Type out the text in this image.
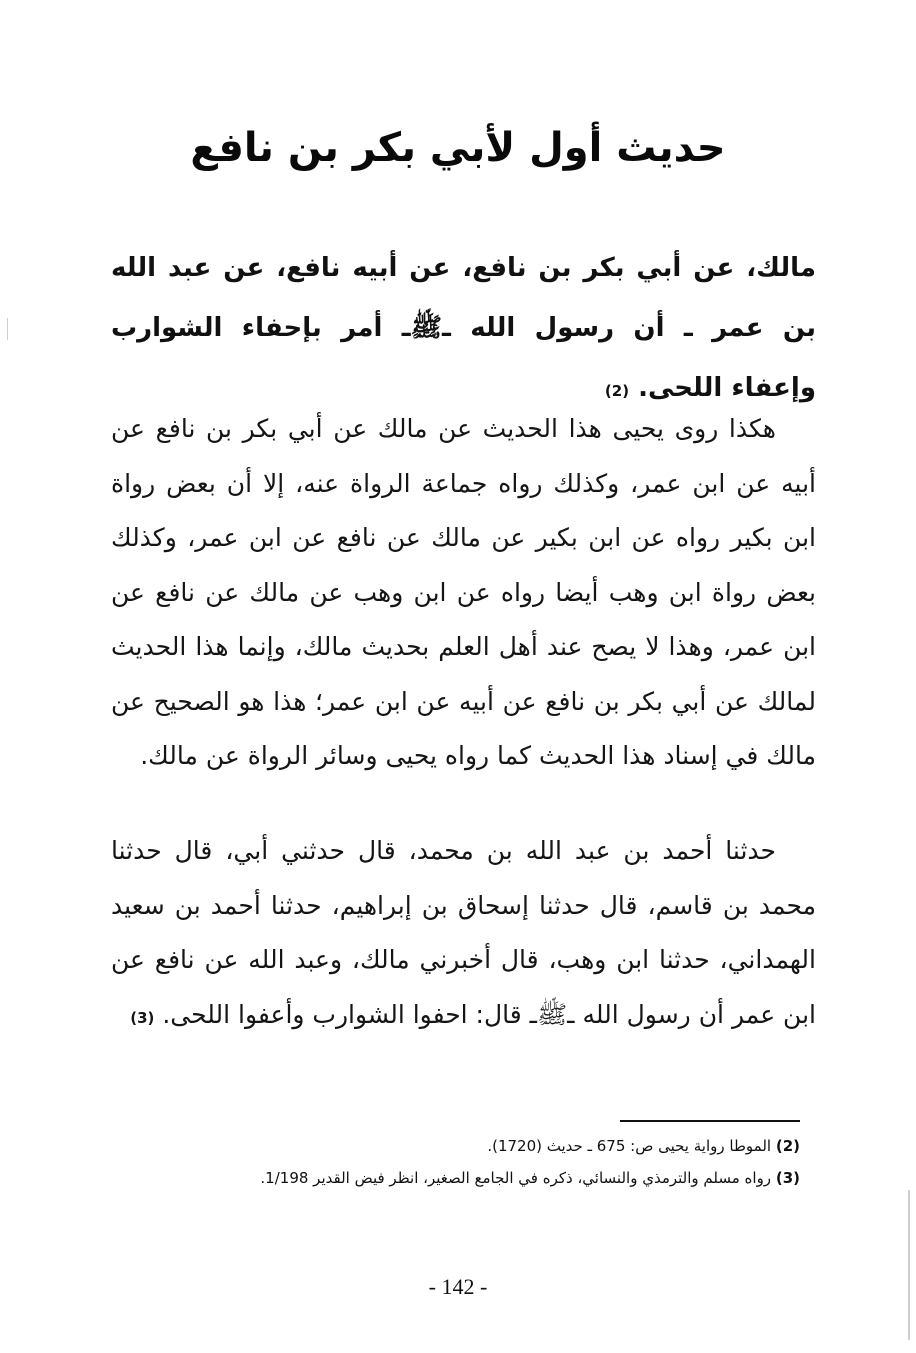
حديث أول لأبي بكر بن نافع

مالك، عن أبي بكر بن نافع، عن أبيه نافع، عن عبد الله بن عمر ـ أن رسول الله ـﷺـ أمر بإحفاء الشوارب وإعفاء اللحى. (2)

هكذا روى يحيى هذا الحديث عن مالك عن أبي بكر بن نافع عن أبيه عن ابن عمر، وكذلك رواه جماعة الرواة عنه، إلا أن بعض رواة ابن بكير رواه عن ابن بكير عن مالك عن نافع عن ابن عمر، وكذلك بعض رواة ابن وهب أيضا رواه عن ابن وهب عن مالك عن نافع عن ابن عمر، وهذا لا يصح عند أهل العلم بحديث مالك، وإنما هذا الحديث لمالك عن أبي بكر بن نافع عن أبيه عن ابن عمر؛ هذا هو الصحيح عن مالك في إسناد هذا الحديث كما رواه يحيى وسائر الرواة عن مالك.

حدثنا أحمد بن عبد الله بن محمد، قال حدثني أبي، قال حدثنا محمد بن قاسم، قال حدثنا إسحاق بن إبراهيم، حدثنا أحمد بن سعيد الهمداني، حدثنا ابن وهب، قال أخبرني مالك، وعبد الله عن نافع عن ابن عمر أن رسول الله ـﷺـ قال: احفوا الشوارب وأعفوا اللحى. (3)

(2) الموطا رواية يحيى ص: 675 ـ حديث (1720).
(3) رواه مسلم والترمذي والنسائي، ذكره في الجامع الصغير، انظر فيض القدير 1/198.
- 142 -
